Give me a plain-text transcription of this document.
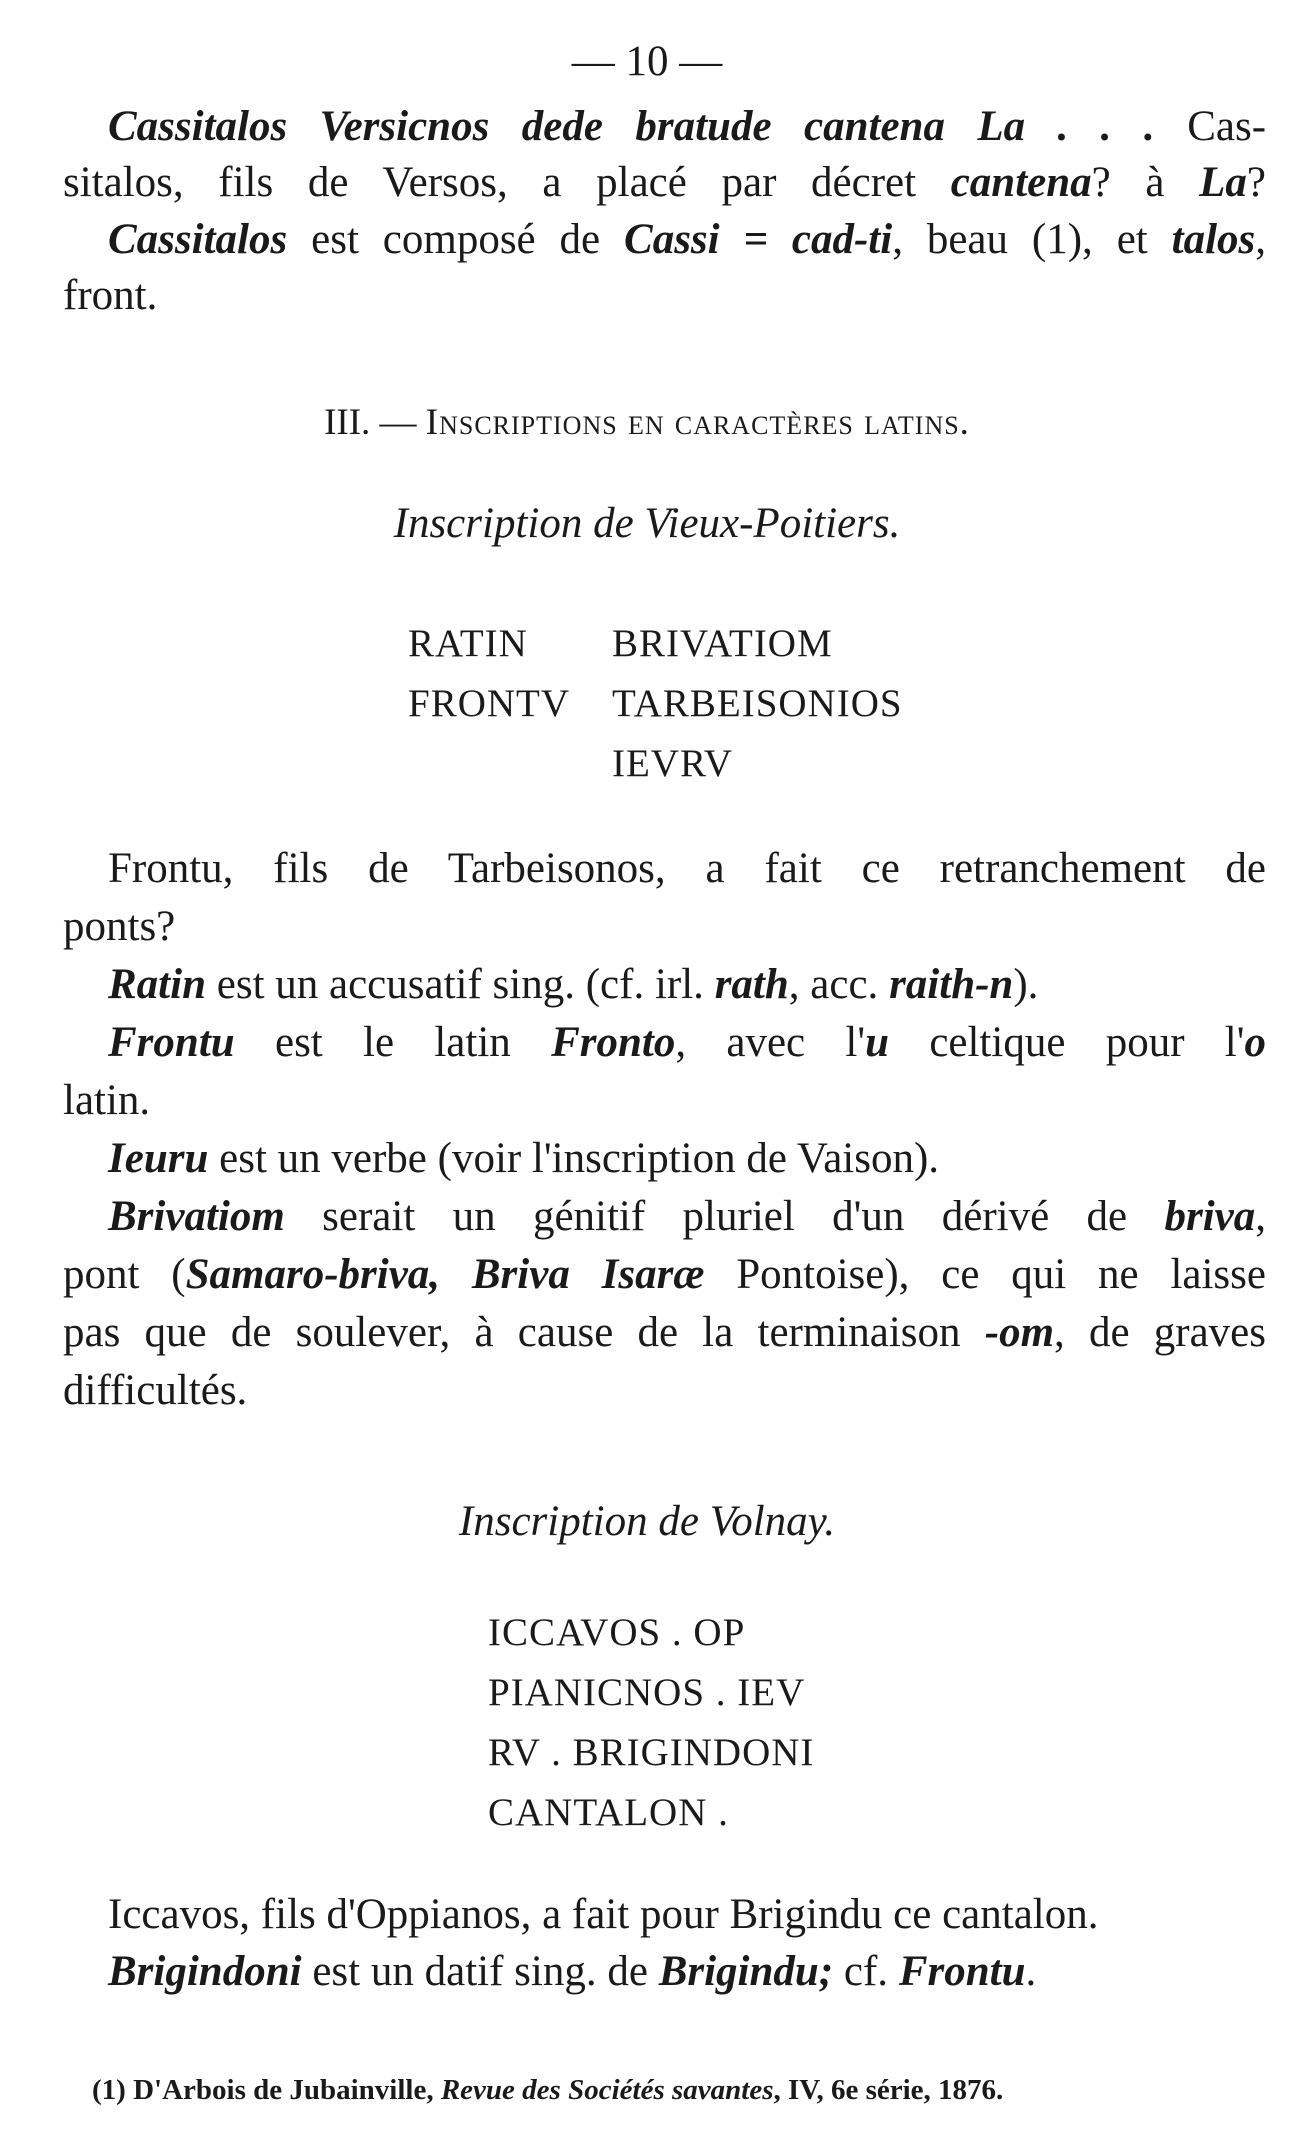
— 10 —
Cassitalos Versicnos dede bratude cantena La . . . Cas-
sitalos, fils de Versos, a placé par décret cantena? à La?
Cassitalos est composé de Cassi = cad-ti, beau (1), et talos,
front.
III. — Inscriptions en caractères latins.
Inscription de Vieux-Poitiers.
RATIN
FRONTV
BRIVATIOM
TARBEISONIOS
IEVRV
Frontu, fils de Tarbeisonos, a fait ce retranchement de
ponts?
Ratin est un accusatif sing. (cf. irl. rath, acc. raith-n).
Frontu est le latin Fronto, avec l'u celtique pour l'o
latin.
Ieuru est un verbe (voir l'inscription de Vaison).
Brivatiom serait un génitif pluriel d'un dérivé de briva,
pont (Samaro-briva, Briva Isaræ Pontoise), ce qui ne laisse
pas que de soulever, à cause de la terminaison -om, de graves
difficultés.
Inscription de Volnay.
ICCAVOS . OP
PIANICNOS . IEV
RV . BRIGINDONI
CANTALON .
Iccavos, fils d'Oppianos, a fait pour Brigindu ce cantalon.
Brigindoni est un datif sing. de Brigindu; cf. Frontu.
(1) D'Arbois de Jubainville, Revue des Sociétés savantes, IV, 6e série, 1876.
